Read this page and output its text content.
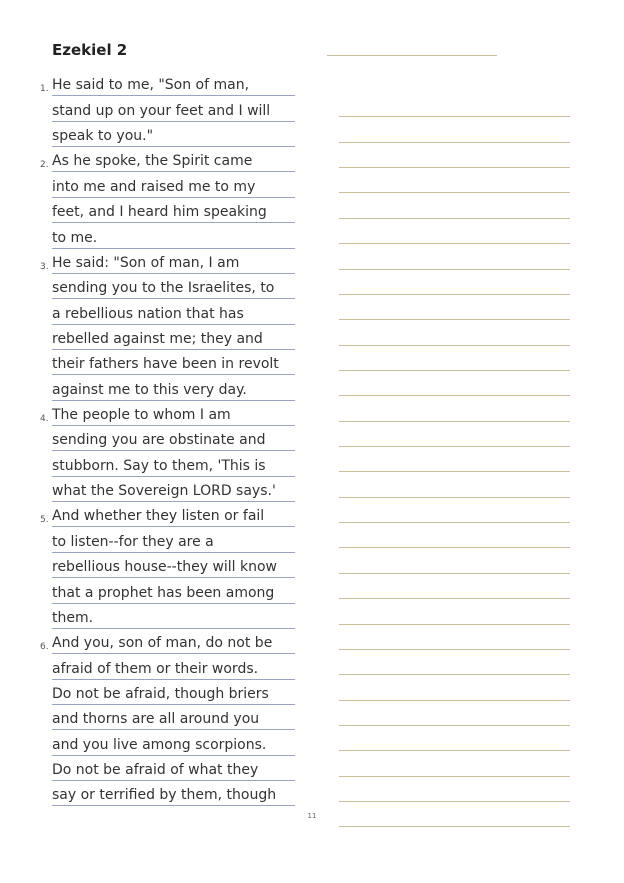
Ezekiel 2
1. He said to me, "Son of man,
stand up on your feet and I will
speak to you."
2. As he spoke, the Spirit came
into me and raised me to my
feet, and I heard him speaking
to me.
3. He said: "Son of man, I am
sending you to the Israelites, to
a rebellious nation that has
rebelled against me; they and
their fathers have been in revolt
against me to this very day.
4. The people to whom I am
sending you are obstinate and
stubborn. Say to them, 'This is
what the Sovereign LORD says.'
5. And whether they listen or fail
to listen--for they are a
rebellious house--they will know
that a prophet has been among
them.
6. And you, son of man, do not be
afraid of them or their words.
Do not be afraid, though briers
and thorns are all around you
and you live among scorpions.
Do not be afraid of what they
say or terrified by them, though
11
